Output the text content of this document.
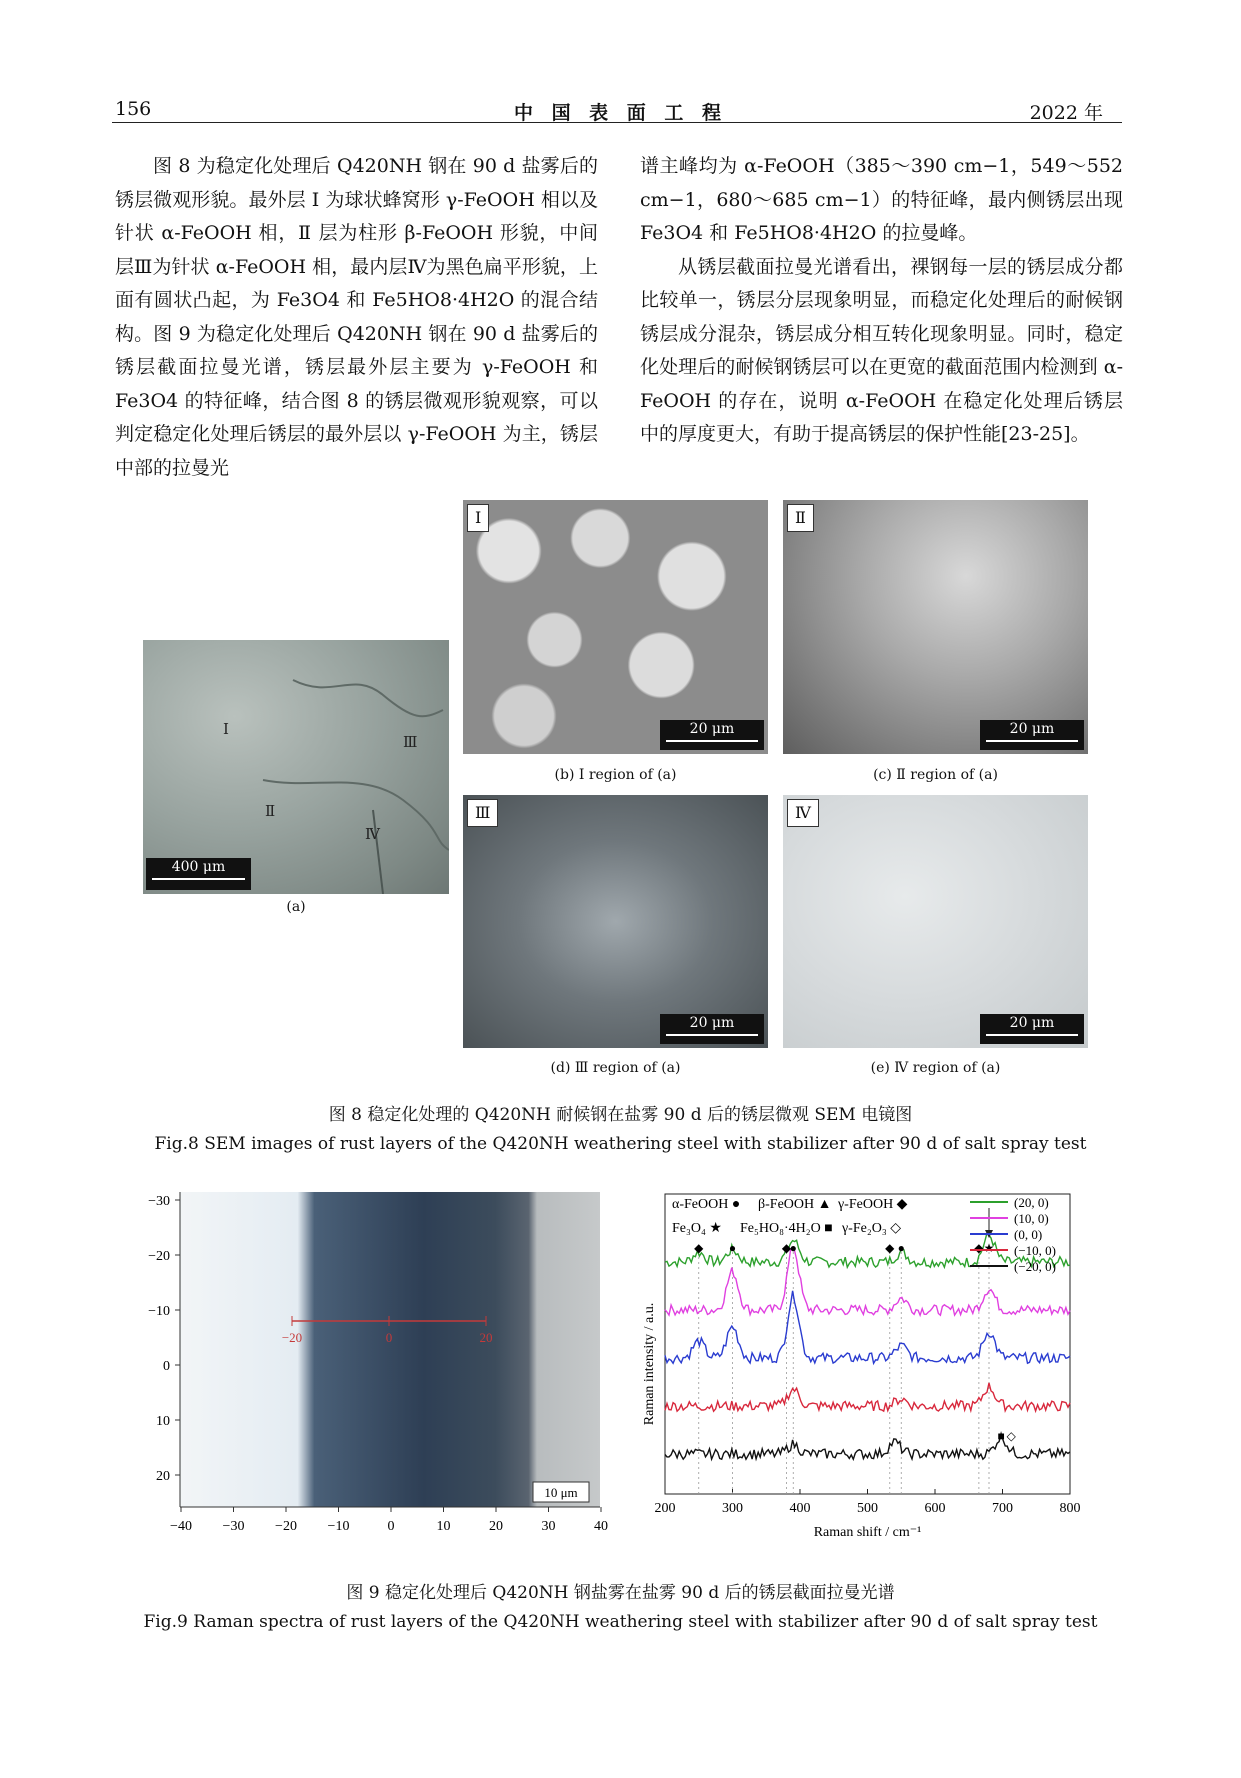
156	中 国 表 面 工 程	2022 年

图 8 为稳定化处理后 Q420NH 钢在 90 d 盐雾后的锈层微观形貌。最外层 Ⅰ 为球状蜂窝形 γ-FeOOH 相以及针状 α-FeOOH 相，Ⅱ 层为柱形 β-FeOOH 形貌，中间层Ⅲ为针状 α-FeOOH 相，最内层Ⅳ为黑色扁平形貌，上面有圆状凸起，为 Fe3O4 和 Fe5HO8·4H2O 的混合结构。图 9 为稳定化处理后 Q420NH 钢在 90 d 盐雾后的锈层截面拉曼光谱，锈层最外层主要为 γ-FeOOH 和 Fe3O4 的特征峰，结合图 8 的锈层微观形貌观察，可以判定稳定化处理后锈层的最外层以 γ-FeOOH 为主，锈层中部的拉曼光

谱主峰均为 α-FeOOH（385～390 cm−1，549～552 cm−1，680～685 cm−1）的特征峰，最内侧锈层出现 Fe3O4 和 Fe5HO8·4H2O 的拉曼峰。

从锈层截面拉曼光谱看出，裸钢每一层的锈层成分都比较单一，锈层分层现象明显，而稳定化处理后的耐候钢锈层成分混杂，锈层成分相互转化现象明显。同时，稳定化处理后的耐候钢锈层可以在更宽的截面范围内检测到 α-FeOOH 的存在，说明 α-FeOOH 在稳定化处理后锈层中的厚度更大，有助于提高锈层的保护性能[23-25]。

Ⅰ
Ⅱ
Ⅲ
Ⅳ
400 μm
(a)
Ⅰ
20 μm
(b) Ⅰ region of (a)
Ⅱ
20 μm
(c) Ⅱ region of (a)
Ⅲ
20 μm
(d) Ⅲ region of (a)
Ⅳ
20 μm
(e) Ⅳ region of (a)
图 8 稳定化处理的 Q420NH 耐候钢在盐雾 90 d 后的锈层微观 SEM 电镜图
Fig.8 SEM images of rust layers of the Q420NH weathering steel with stabilizer after 90 d of salt spray test
−40 −30 −20 −10	0	10	20	30	40
−30
−20
−10
0
10
20
−20	0	20
10 μm
200	300	400	500	600	700	800
Raman shift / cm⁻¹
Raman intensity / a.u.
◆ ●	◆
●	◆ ●	◆ ★
■ ◇
α-FeOOH ● β-FeOOH ▲ γ-FeOOH ◆
Fe₃O₄ ★ Fe₅HO₈·4H₂O ■ γ-Fe₂O₃ ◇
(20, 0)
(10, 0)
(0, 0)
(−10, 0)
(−20, 0)
图 9 稳定化处理后 Q420NH 钢盐雾在盐雾 90 d 后的锈层截面拉曼光谱
Fig.9 Raman spectra of rust layers of the Q420NH weathering steel with stabilizer after 90 d of salt spray test
